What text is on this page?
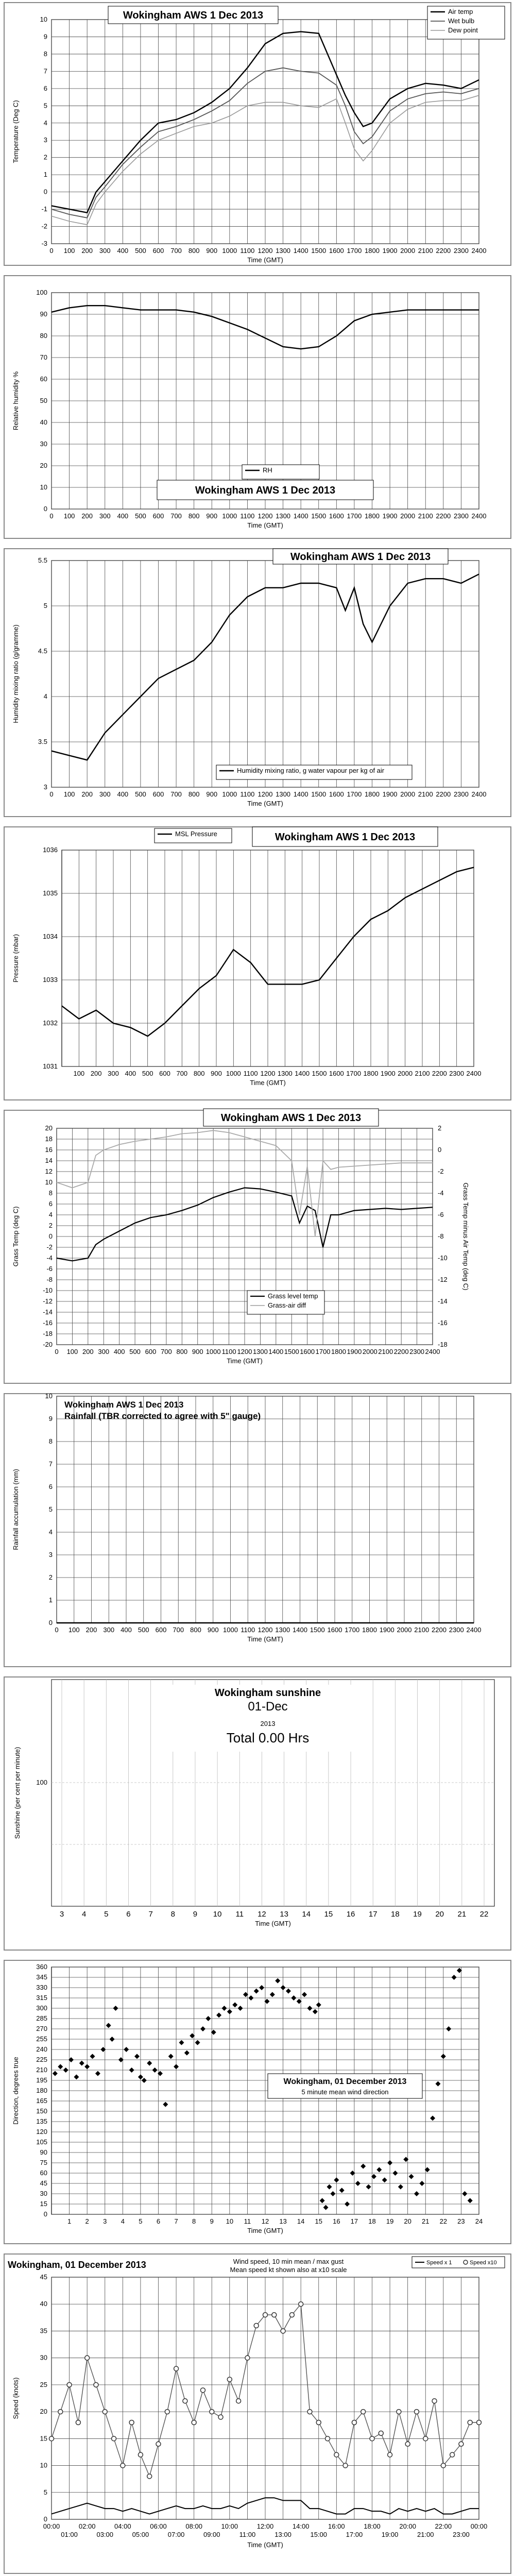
-3
-2
-1
0
1
2
3
4
5
6
7
8
9
10
0 100 200 300 400 500 600 700 800 900 1000 1100 1200 1300 1400 1500 1600 1700 1800 1900 2000 2100 2200 2300 2400
Time (GMT)
Temperature (Deg C)
Wokingham AWS 1 Dec 2013	Air temp
Wet bulb
Dew point
0
10
20
30
40
50
60
70
80
90
100
0 100 200 300 400 500 600 700 800 900 1000 1100 1200 1300 1400 1500 1600 1700 1800 1900 2000 2100 2200 2300 2400
Time (GMT)
Relative humidity %
Wokingham AWS 1 Dec 2013
RH
3
3.5
4
4.5
5
5.5
0 100 200 300 400 500 600 700 800 900 1000 1100 1200 1300 1400 1500 1600 1700 1800 1900 2000 2100 2200 2300 2400
Time (GMT)
Humidity mixing ratio (g/gramme)
Wokingham AWS 1 Dec 2013
Humidity mixing ratio, g water vapour per kg of air
1031
1032
1033
1034
1035
1036
100 200 300 400 500 600 700 800 900 1000 1100 1200 1300 1400 1500 1600 1700 1800 1900 2000 2100 2200 2300 2400
Time (GMT)
Pressure (mbar)
Wokingham AWS 1 Dec 2013
MSL Pressure
-20
-18
-16
-14
-12
-10
-8
-6
-4
-2
0
2
4
6
8
10
12
14
16
18
20
0 100 200 300 400 500 600 700 800 900 1000 1100 1200 1300 1400 1500 1600 1700 1800 1900 2000 2100 2200 2300 2400
Time (GMT)
Grass Temp (deg C)
Wokingham AWS 1 Dec 2013
Grass level temp
Grass-air diff
-18
-16
-14
-12
-10
-8
-6
-4
-2
0
2
Grass Temp minus Air Temp (deg C)
0
1
2
3
4
5
6
7
8
9
10
0 100 200 300 400 500 600 700 800 900 1000 1100 1200 1300 1400 1500 1600 1700 1800 1900 2000 2100 2200 2300 2400
Time (GMT)
Rainfall accumulation (mm)
Wokingham AWS 1 Dec 2013
Rainfall (TBR corrected to agree with 5" gauge)
3 4 5 6 7 8 9 10 11 12 13 14 15 16 17 18 19 20 21 22
100
Time (GMT)
Sunshine (per cent per minute)
Wokingham sunshine
01-Dec
2013
Total 0.00 Hrs
0
15
30
45
60
75
90
105
120
135
150
165
180
195
210
225
240
255
270
285
300
315
330
345
360
1 2 3 4 5 6 7 8 9 10 11 12 13 14 15 16 17 18 19 20 21 22 23 24
Time (GMT)
Direction, degrees true	Wokingham, 01 December 2013
5 minute mean wind direction
0
5
10
15
20
25
30
35
40
45
00:00
01:00
02:00
03:00
04:00
05:00
06:00
07:00
08:00
09:00
10:00
11:00
12:00
13:00
14:00
15:00
16:00
17:00
18:00
19:00
20:00
21:00
22:00
23:00
00:00
Time (GMT)
Speed (knots)
Wokingham, 01 December 2013	Wind speed, 10 min mean / max gust
Mean speed kt shown also at x10 scale
Speed x 1	Speed x10
